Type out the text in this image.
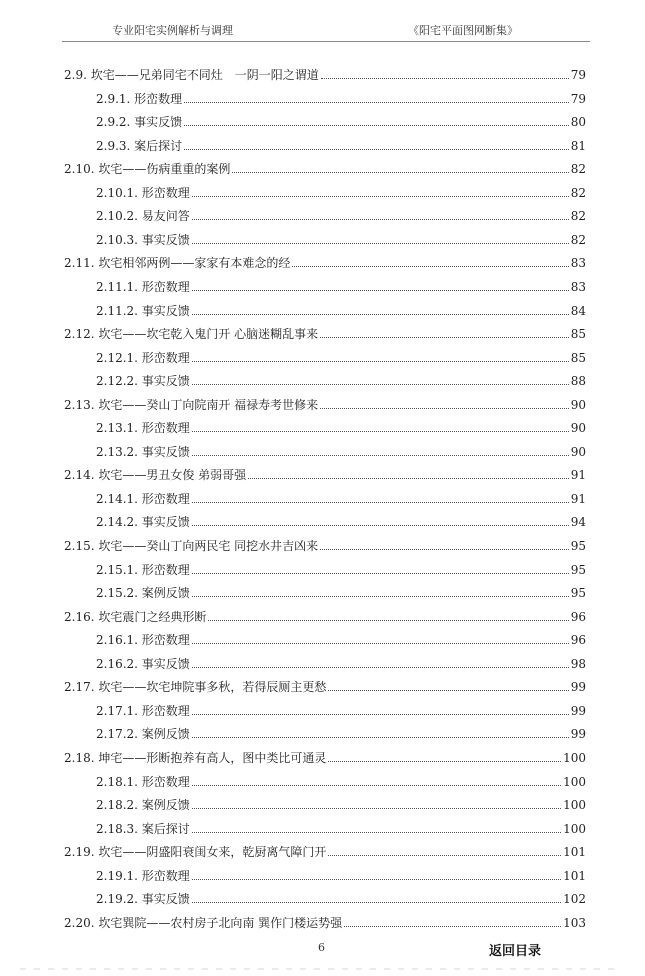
专业阳宅实例解析与调理	《阳宅平面图网断集》
2.9. 坎宅——兄弟同宅不同灶　一阴一阳之谓道	79
2.9.1. 形峦数理	79
2.9.2. 事实反馈	80
2.9.3. 案后探讨	81
2.10. 坎宅——伤病重重的案例	82
2.10.1. 形峦数理	82
2.10.2. 易友问答	82
2.10.3. 事实反馈	82
2.11. 坎宅相邻两例——家家有本难念的经	83
2.11.1. 形峦数理	83
2.11.2. 事实反馈	84
2.12. 坎宅——坎宅乾入鬼门开 心脑迷糊乱事来	85
2.12.1. 形峦数理	85
2.12.2. 事实反馈	88
2.13. 坎宅——癸山丁向院南开 福禄寿考世修来	90
2.13.1. 形峦数理	90
2.13.2. 事实反馈	90
2.14. 坎宅——男丑女俊 弟弱哥强	91
2.14.1. 形峦数理	91
2.14.2. 事实反馈	94
2.15. 坎宅——癸山丁向两民宅 同挖水井吉凶来	95
2.15.1. 形峦数理	95
2.15.2. 案例反馈	95
2.16. 坎宅震门之经典形断	96
2.16.1. 形峦数理	96
2.16.2. 事实反馈	98
2.17. 坎宅——坎宅坤院事多秋，若得辰厕主更愁	99
2.17.1. 形峦数理	99
2.17.2. 案例反馈	99
2.18. 坤宅——形断抱养有高人，图中类比可通灵	100
2.18.1. 形峦数理	100
2.18.2. 案例反馈	100
2.18.3. 案后探讨	100
2.19. 坎宅——阴盛阳衰闺女来，乾厨离气障门开	101
2.19.1. 形峦数理	101
2.19.2. 事实反馈	102
2.20. 坎宅巽院——农村房子北向南 巽作门楼运势强	103
6	返回目录
